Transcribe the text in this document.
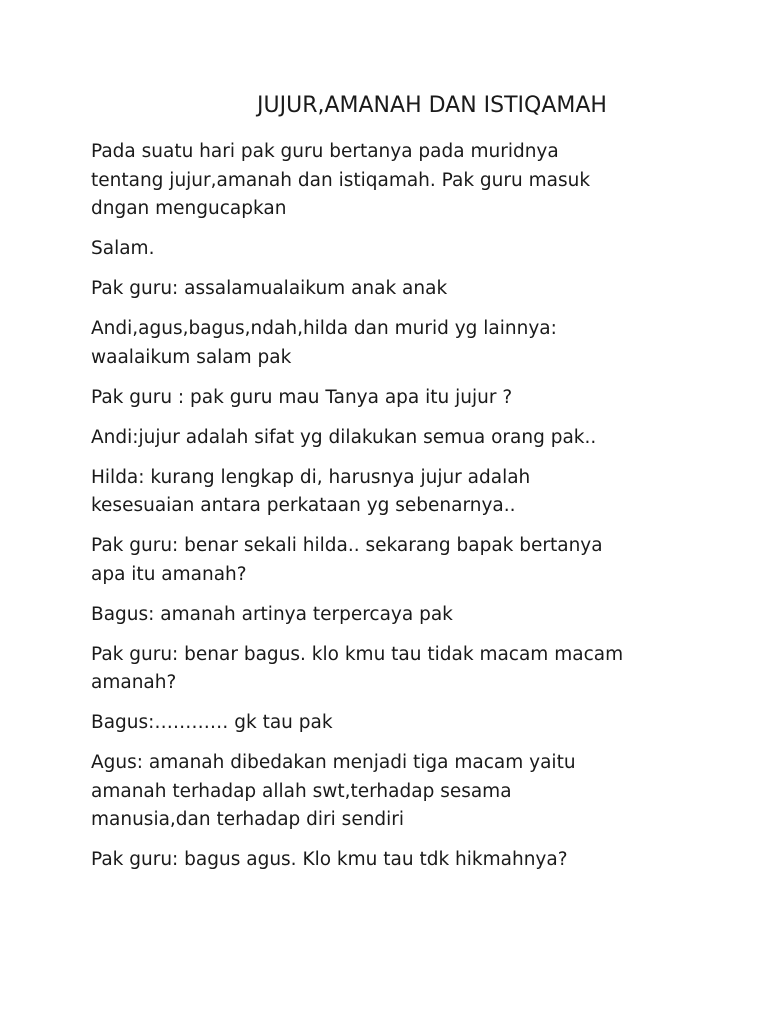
JUJUR,AMANAH DAN ISTIQAMAH

Pada suatu hari pak guru bertanya pada muridnya
tentang jujur,amanah dan istiqamah. Pak guru masuk
dngan mengucapkan

Salam.

Pak guru: assalamualaikum anak anak

Andi,agus,bagus,ndah,hilda dan murid yg lainnya:
waalaikum salam pak

Pak guru : pak guru mau Tanya apa itu jujur ?

Andi:jujur adalah sifat yg dilakukan semua orang pak..

Hilda: kurang lengkap di, harusnya jujur adalah
kesesuaian antara perkataan yg sebenarnya..

Pak guru: benar sekali hilda.. sekarang bapak bertanya
apa itu amanah?

Bagus: amanah artinya terpercaya pak

Pak guru: benar bagus. klo kmu tau tidak macam macam
amanah?

Bagus:………… gk tau pak

Agus: amanah dibedakan menjadi tiga macam yaitu
amanah terhadap allah swt,terhadap sesama
manusia,dan terhadap diri sendiri

Pak guru: bagus agus. Klo kmu tau tdk hikmahnya?
